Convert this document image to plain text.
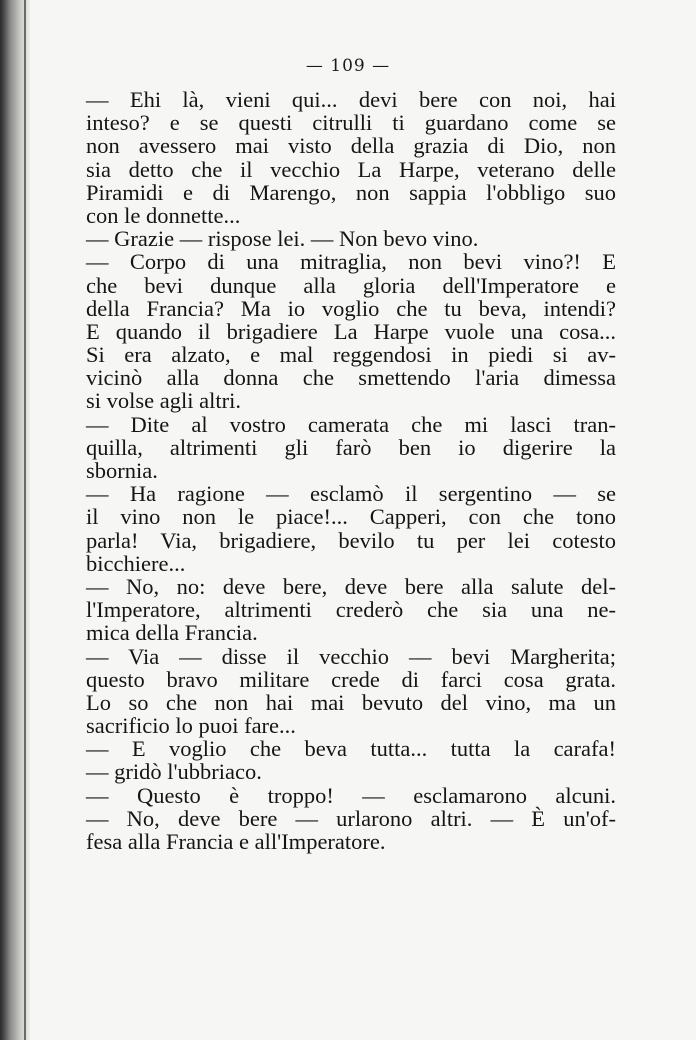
— 109 —
— Ehi là, vieni qui... devi bere con noi, hai
inteso? e se questi citrulli ti guardano come se
non avessero mai visto della grazia di Dio, non
sia detto che il vecchio La Harpe, veterano delle
Piramidi e di Marengo, non sappia l'obbligo suo
con le donnette...
— Grazie — rispose lei. — Non bevo vino.
— Corpo di una mitraglia, non bevi vino?! E
che bevi dunque alla gloria dell'Imperatore e
della Francia? Ma io voglio che tu beva, intendi?
E quando il brigadiere La Harpe vuole una cosa...
Si era alzato, e mal reggendosi in piedi si av-
vicinò alla donna che smettendo l'aria dimessa
si volse agli altri.
— Dite al vostro camerata che mi lasci tran-
quilla, altrimenti gli farò ben io digerire la
sbornia.
— Ha ragione — esclamò il sergentino — se
il vino non le piace!... Capperi, con che tono
parla! Via, brigadiere, bevilo tu per lei cotesto
bicchiere...
— No, no: deve bere, deve bere alla salute del-
l'Imperatore, altrimenti crederò che sia una ne-
mica della Francia.
— Via — disse il vecchio — bevi Margherita;
questo bravo militare crede di farci cosa grata.
Lo so che non hai mai bevuto del vino, ma un
sacrificio lo puoi fare...
— E voglio che beva tutta... tutta la carafa!
— gridò l'ubbriaco.
— Questo è troppo! — esclamarono alcuni.
— No, deve bere — urlarono altri. — È un'of-
fesa alla Francia e all'Imperatore.
